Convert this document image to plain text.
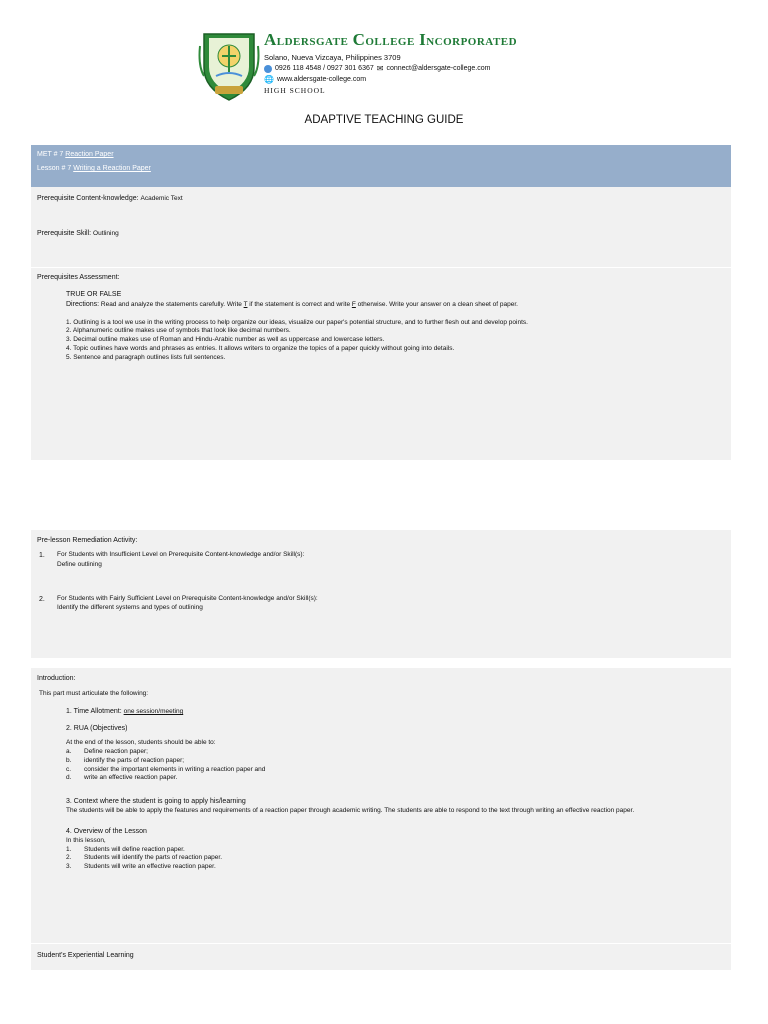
Aldersgate College Incorporated
Solano, Nueva Vizcaya, Philippines 3709
0926 118 4548 / 0927 301 6367 ✉ connect@aldersgate-college.com
🌐 www.aldersgate-college.com
HIGH SCHOOL
ADAPTIVE TEACHING GUIDE
MET # 7 Reaction Paper
Lesson # 7 Writing a Reaction Paper
Prerequisite Content-knowledge: Academic Text
Prerequisite Skill: Outlining
Prerequisites Assessment:
TRUE OR FALSE
Directions: Read and analyze the statements carefully. Write T if the statement is correct and write F otherwise. Write your answer on a clean sheet of paper.
1. Outlining is a tool we use in the writing process to help organize our ideas, visualize our paper's potential structure, and to further flesh out and develop points.
2. Alphanumeric outline makes use of symbols that look like decimal numbers.
3. Decimal outline makes use of Roman and Hindu-Arabic number as well as uppercase and lowercase letters.
4. Topic outlines have words and phrases as entries. It allows writers to organize the topics of a paper quickly without going into details.
5. Sentence and paragraph outlines lists full sentences.
Pre-lesson Remediation Activity:
1.	For Students with Insufficient Level on Prerequisite Content-knowledge and/or Skill(s):
Define outlining
2.	For Students with Fairly Sufficient Level on Prerequisite Content-knowledge and/or Skill(s):
Identify the different systems and types of outlining
Introduction:
This part must articulate the following:
1. Time Allotment: one session/meeting
2. RUA (Objectives)
At the end of the lesson, students should be able to:
a.	Define reaction paper;
b.	identify the parts of reaction paper;
c.	consider the important elements in writing a reaction paper and
d.	write an effective reaction paper.
3. Context where the student is going to apply his/learning
The students will be able to apply the features and requirements of a reaction paper through academic writing. The students are able to respond to the text through writing an effective reaction paper.
4. Overview of the Lesson
In this lesson,
1.	Students will define reaction paper.
2.	Students will identify the parts of reaction paper.
3.	Students will write an effective reaction paper.
Student's Experiential Learning
